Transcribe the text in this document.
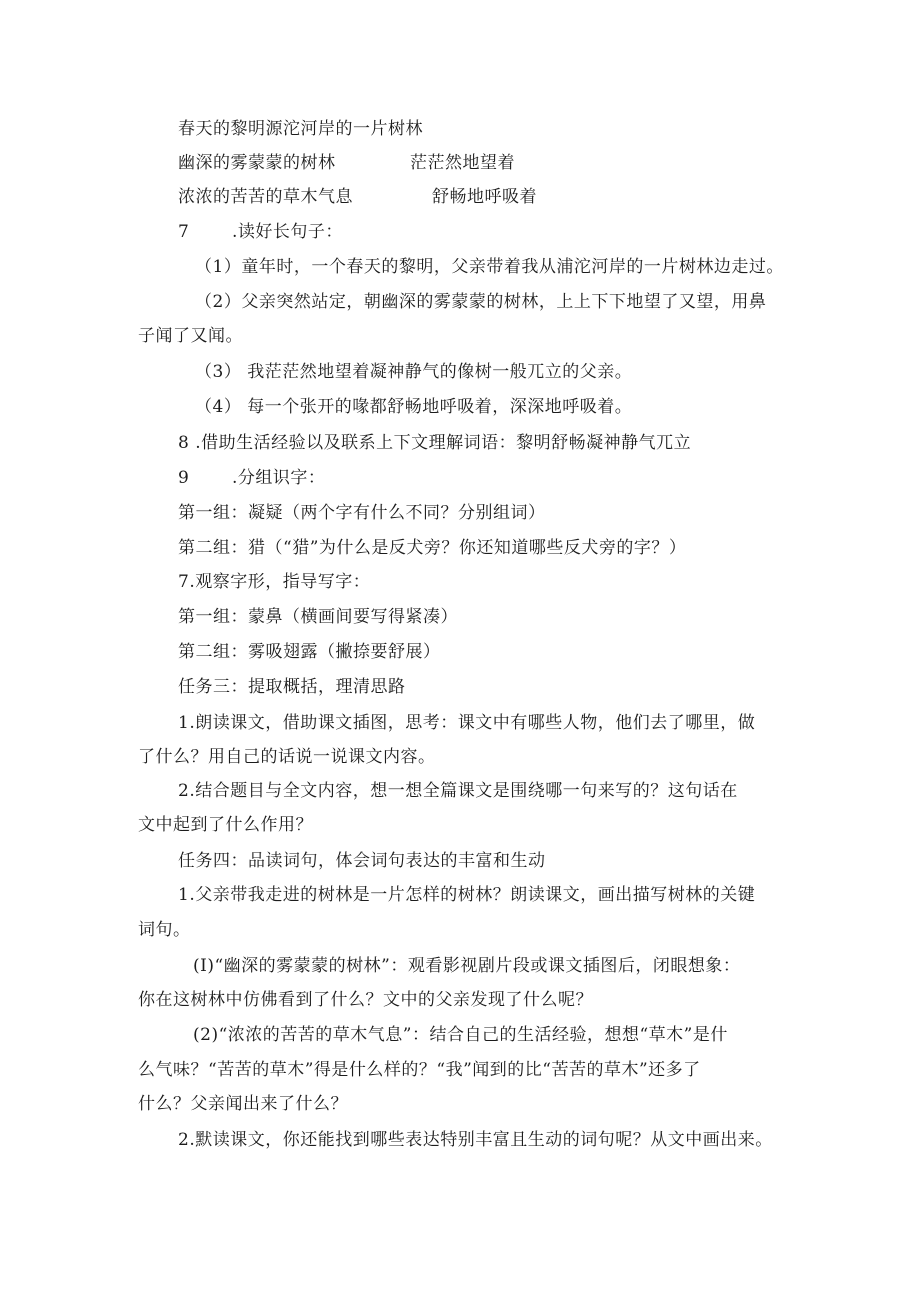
春天的黎明源沱河岸的一片树林
幽深的雾蒙蒙的树林	茫茫然地望着
浓浓的苦苦的草木气息	舒畅地呼吸着
7	.读好长句子：
（1）童年时，一个春天的黎明，父亲带着我从浦沱河岸的一片树林边走过。
（2）父亲突然站定，朝幽深的雾蒙蒙的树林，上上下下地望了又望，用鼻
子闻了又闻。
（3） 我茫茫然地望着凝神静气的像树一般兀立的父亲。
（4） 每一个张开的喙都舒畅地呼吸着，深深地呼吸着。
8 .借助生活经验以及联系上下文理解词语：黎明舒畅凝神静气兀立
9	.分组识字：
第一组：凝疑（两个字有什么不同？分别组词）
第二组：猎（“猎”为什么是反犬旁？你还知道哪些反犬旁的字？）
7.观察字形，指导写字：
第一组：蒙鼻（横画间要写得紧凑）
第二组：雾吸翅露（撇捺要舒展）
任务三：提取概括，理清思路
1.朗读课文，借助课文插图，思考：课文中有哪些人物，他们去了哪里，做
了什么？用自己的话说一说课文内容。
2.结合题目与全文内容，想一想全篇课文是围绕哪一句来写的？这句话在
文中起到了什么作用？
任务四：品读词句，体会词句表达的丰富和生动
1.父亲带我走进的树林是一片怎样的树林？朗读课文，画出描写树林的关键
词句。
(I)“幽深的雾蒙蒙的树林”：观看影视剧片段或课文插图后，闭眼想象：
你在这树林中仿佛看到了什么？文中的父亲发现了什么呢？
(2)“浓浓的苦苦的草木气息”：结合自己的生活经验，想想“草木”是什
么气味？“苦苦的草木”得是什么样的？“我”闻到的比“苦苦的草木”还多了
什么？父亲闻出来了什么？
2.默读课文，你还能找到哪些表达特别丰富且生动的词句呢？从文中画出来。
